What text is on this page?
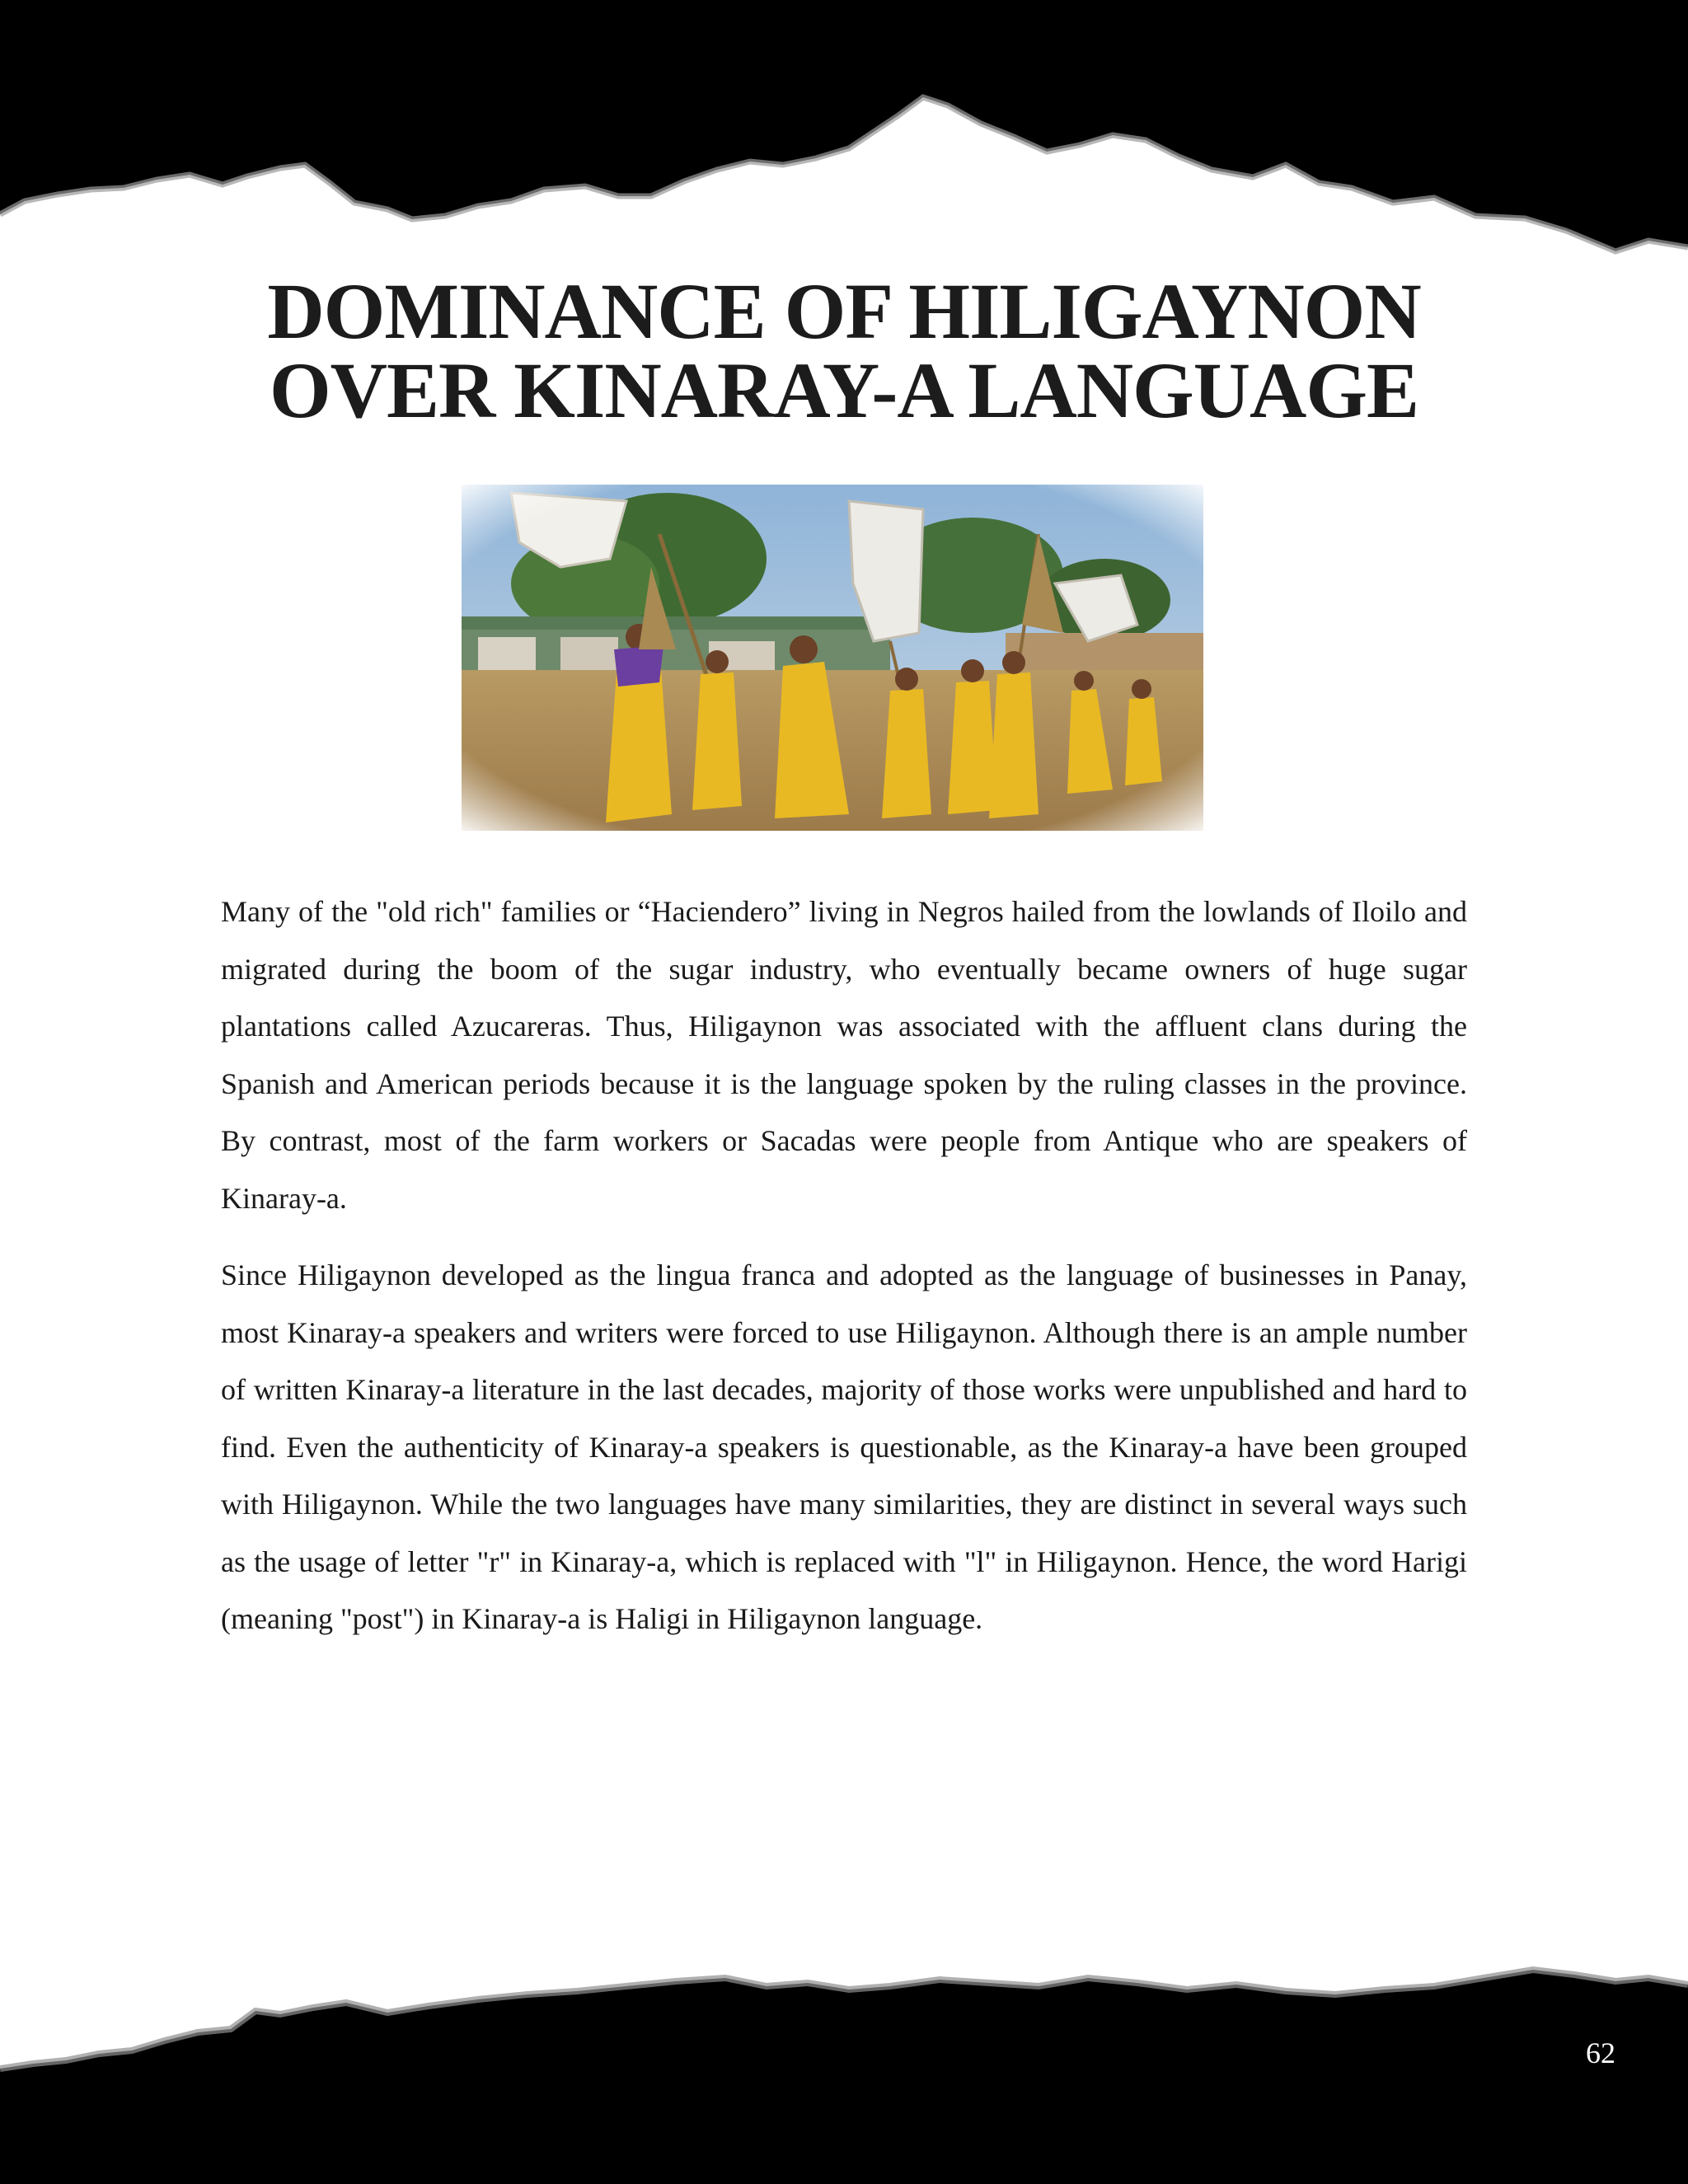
DOMINANCE OF HILIGAYNON
OVER KINARAY-A LANGUAGE

Many of the "old rich" families or “Haciendero” living in Negros hailed from the lowlands of Iloilo and migrated during the boom of the sugar industry, who eventually became owners of huge sugar plantations called Azucareras. Thus, Hiligaynon was associated with the affluent clans during the Spanish and American periods because it is the language spoken by the ruling classes in the province. By contrast, most of the farm workers or Sacadas were people from Antique who are speakers of Kinaray-a.

Since Hiligaynon developed as the lingua franca and adopted as the language of businesses in Panay, most Kinaray-a speakers and writers were forced to use Hiligaynon. Although there is an ample number of written Kinaray-a literature in the last decades, majority of those works were unpublished and hard to find. Even the authenticity of Kinaray-a speakers is questionable, as the Kinaray-a have been grouped with Hiligaynon. While the two languages have many similarities, they are distinct in several ways such as the usage of letter "r" in Kinaray-a, which is replaced with "l" in Hiligaynon. Hence, the word Harigi (meaning "post") in Kinaray-a is Haligi in Hiligaynon language.

62
